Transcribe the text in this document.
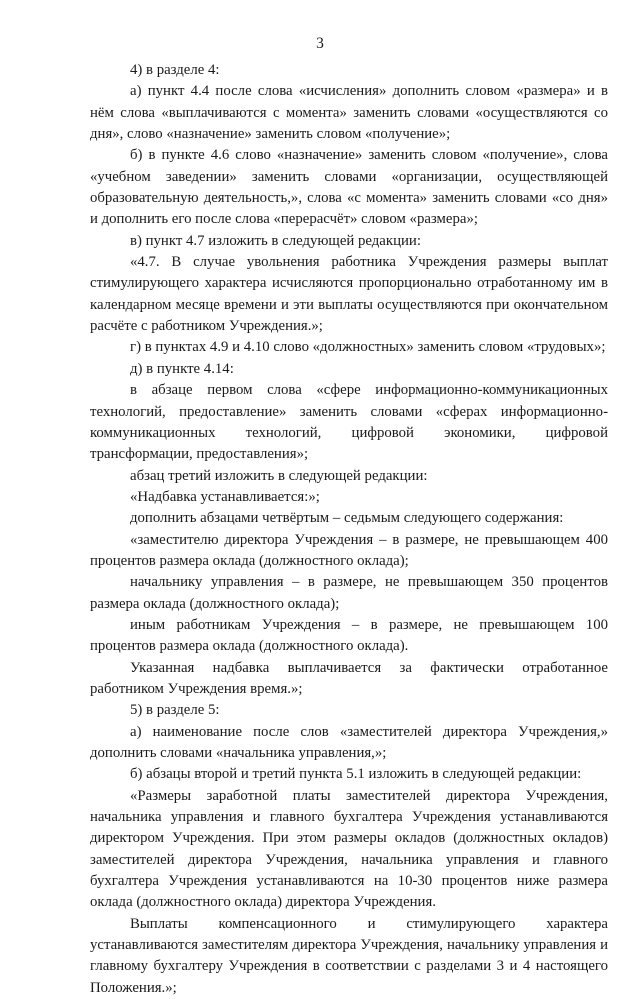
3

4) в разделе 4:

а) пункт 4.4 после слова «исчисления» дополнить словом «размера» и в нём слова «выплачиваются с момента» заменить словами «осуществляются со дня», слово «назначение» заменить словом «получение»;

б) в пункте 4.6 слово «назначение» заменить словом «получение», слова «учебном заведении» заменить словами «организации, осуществляющей образовательную деятельность,», слова «с момента» заменить словами «со дня» и дополнить его после слова «перерасчёт» словом «размера»;

в) пункт 4.7 изложить в следующей редакции:

«4.7. В случае увольнения работника Учреждения размеры выплат стимулирующего характера исчисляются пропорционально отработанному им в календарном месяце времени и эти выплаты осуществляются при окончательном расчёте с работником Учреждения.»;

г) в пунктах 4.9 и 4.10 слово «должностных» заменить словом «трудовых»;

д) в пункте 4.14:

в абзаце первом слова «сфере информационно-коммуникационных технологий, предоставление» заменить словами «сферах информационно-коммуникационных технологий, цифровой экономики, цифровой трансформации, предоставления»;

абзац третий изложить в следующей редакции:

«Надбавка устанавливается:»;

дополнить абзацами четвёртым – седьмым следующего содержания:

«заместителю директора Учреждения – в размере, не превышающем 400 процентов размера оклада (должностного оклада);

начальнику управления – в размере, не превышающем 350 процентов размера оклада (должностного оклада);

иным работникам Учреждения – в размере, не превышающем 100 процентов размера оклада (должностного оклада).

Указанная надбавка выплачивается за фактически отработанное работником Учреждения время.»;

5) в разделе 5:

а) наименование после слов «заместителей директора Учреждения,» дополнить словами «начальника управления,»;

б) абзацы второй и третий пункта 5.1 изложить в следующей редакции:

«Размеры заработной платы заместителей директора Учреждения, начальника управления и главного бухгалтера Учреждения устанавливаются директором Учреждения. При этом размеры окладов (должностных окладов) заместителей директора Учреждения, начальника управления и главного бухгалтера Учреждения устанавливаются на 10-30 процентов ниже размера оклада (должностного оклада) директора Учреждения.

Выплаты компенсационного и стимулирующего характера устанавливаются заместителям директора Учреждения, начальнику управления и главному бухгалтеру Учреждения в соответствии с разделами 3 и 4 настоящего Положения.»;
